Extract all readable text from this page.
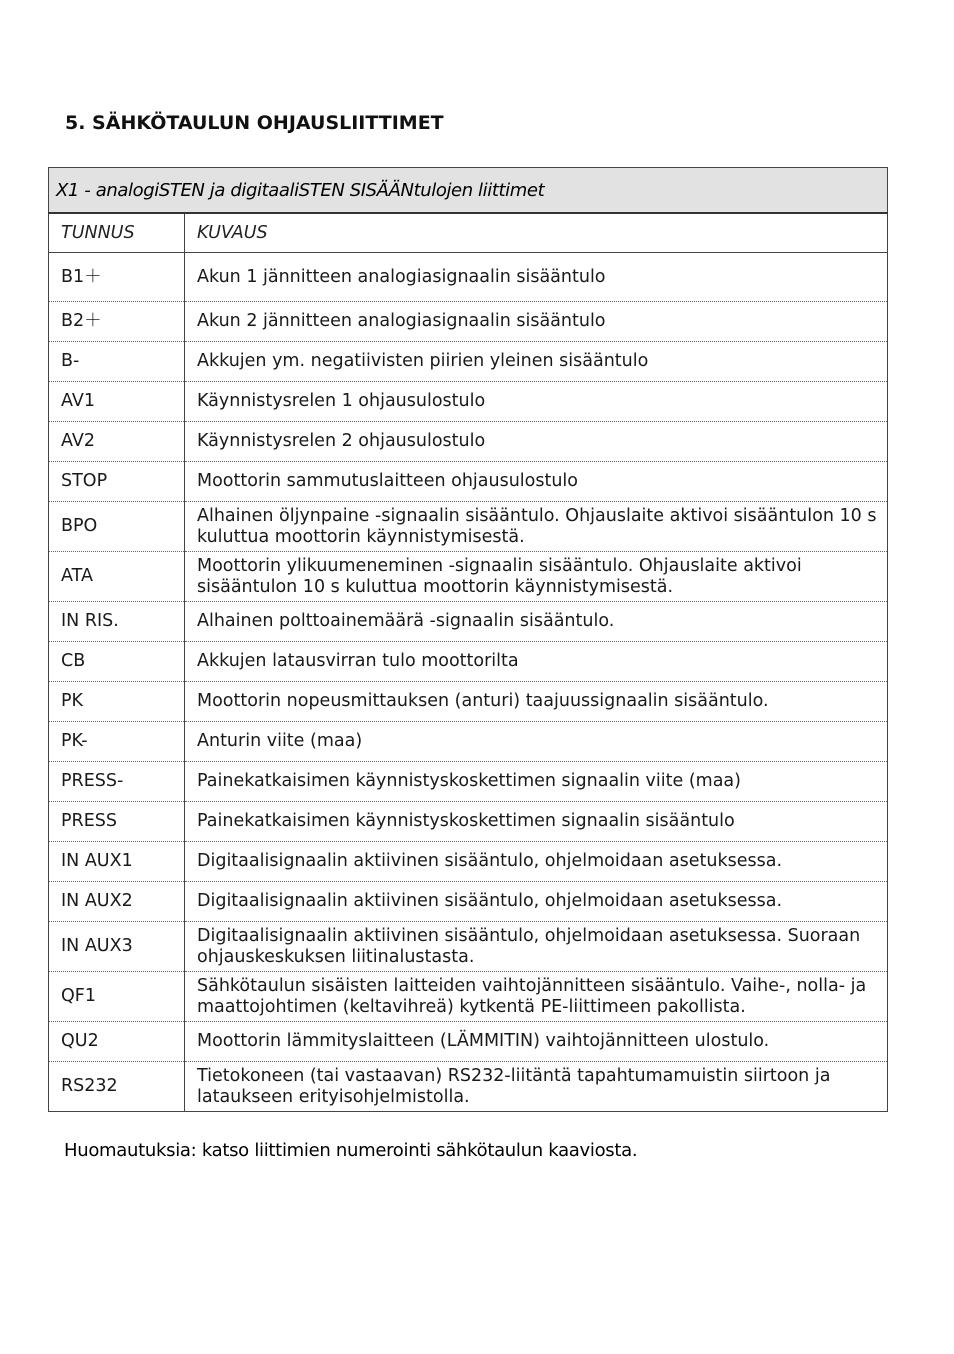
5. SÄHKÖTAULUN OHJAUSLIITTIMET
X1 - analogiSTEN ja digitaaliSTEN SISÄÄNtulojen liittimet	
TUNNUS	KUVAUS
B1＋	Akun 1 jännitteen analogiasignaalin sisääntulo
B2＋	Akun 2 jännitteen analogiasignaalin sisääntulo
B-	Akkujen ym. negatiivisten piirien yleinen sisääntulo
AV1	Käynnistysrelen 1 ohjausulostulo
AV2	Käynnistysrelen 2 ohjausulostulo
STOP	Moottorin sammutuslaitteen ohjausulostulo
BPO	Alhainen öljynpaine -signaalin sisääntulo. Ohjauslaite aktivoi sisääntulon 10 s kuluttua moottorin käynnistymisestä.
ATA	Moottorin ylikuumeneminen -signaalin sisääntulo. Ohjauslaite aktivoi sisääntulon 10 s kuluttua moottorin käynnistymisestä.
IN RIS.	Alhainen polttoainemäärä -signaalin sisääntulo.
CB	Akkujen latausvirran tulo moottorilta
PK	Moottorin nopeusmittauksen (anturi) taajuussignaalin sisääntulo.
PK-	Anturin viite (maa)
PRESS-	Painekatkaisimen käynnistyskoskettimen signaalin viite (maa)
PRESS	Painekatkaisimen käynnistyskoskettimen signaalin sisääntulo
IN AUX1	Digitaalisignaalin aktiivinen sisääntulo, ohjelmoidaan asetuksessa.
IN AUX2	Digitaalisignaalin aktiivinen sisääntulo, ohjelmoidaan asetuksessa.
IN AUX3	Digitaalisignaalin aktiivinen sisääntulo, ohjelmoidaan asetuksessa. Suoraan ohjauskeskuksen liitinalustasta.
QF1	Sähkötaulun sisäisten laitteiden vaihtojännitteen sisääntulo. Vaihe-, nolla- ja maattojohtimen (keltavihreä) kytkentä PE-liittimeen pakollista.
QU2	Moottorin lämmityslaitteen (LÄMMITIN) vaihtojännitteen ulostulo.
RS232	Tietokoneen (tai vastaavan) RS232-liitäntä tapahtumamuistin siirtoon ja lataukseen erityisohjelmistolla.

Huomautuksia: katso liittimien numerointi sähkötaulun kaaviosta.
